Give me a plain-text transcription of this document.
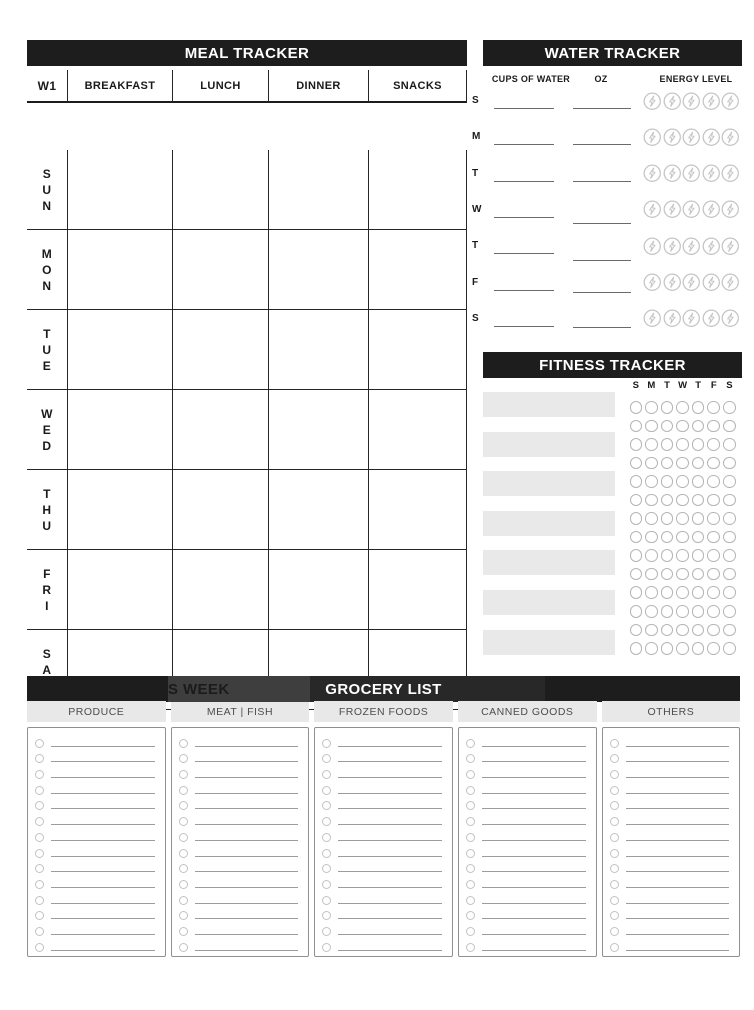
MEAL TRACKER
W1	BREAKFAST	LUNCH	DINNER	SNACKS
S
U
N
M
O
N
T
U
E
W
E
D
T
H
U
F
R
I
S
A
WATER TRACKER
CUPS OF WATER	OZ	ENERGY LEVEL
S
M
T
W
T
F
S
FITNESS TRACKER
S M T W T	F	S
S WEEK	GROCERY LIST
PRODUCE	MEAT | FISH	FROZEN FOODS	CANNED GOODS	OTHERS
